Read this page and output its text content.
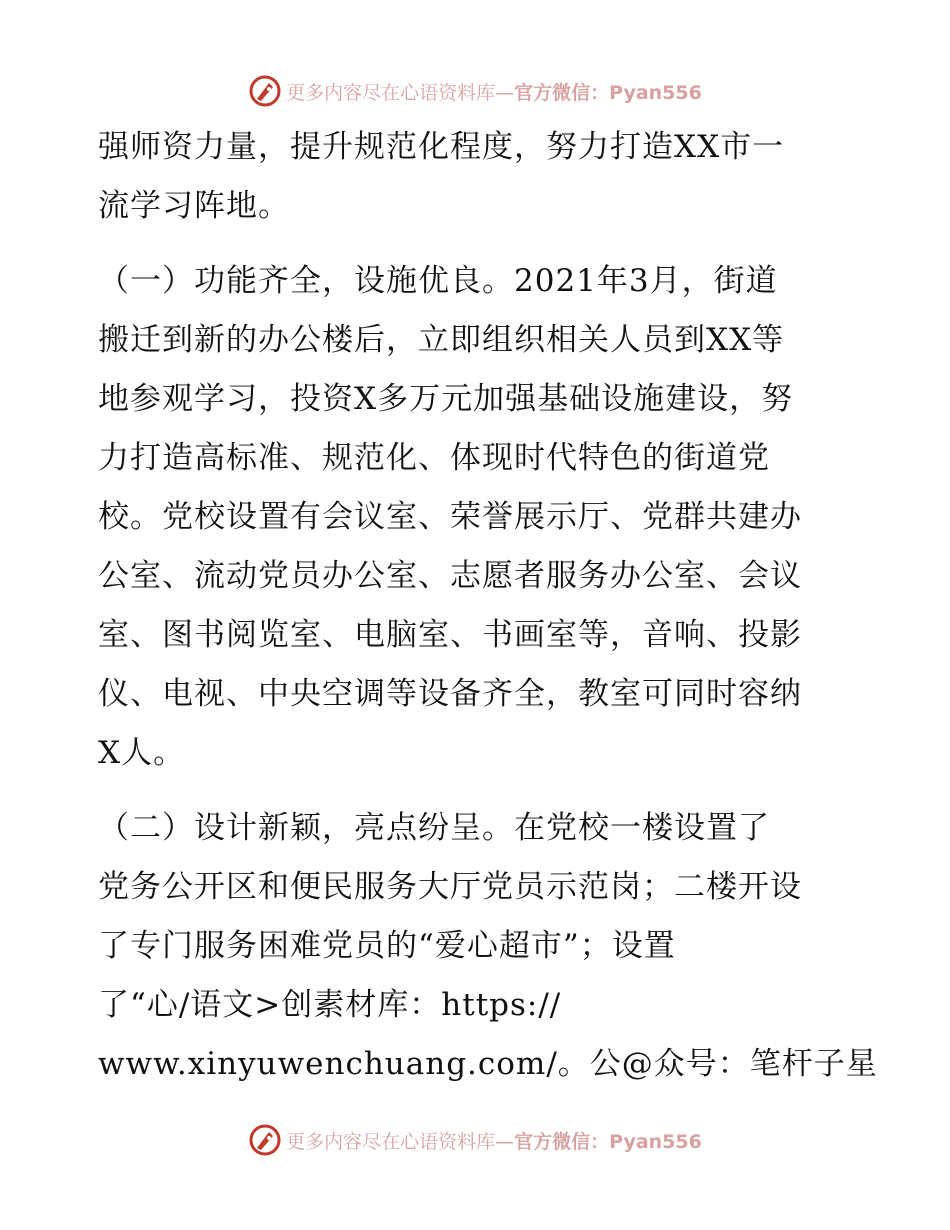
更多内容尽在心语资料库—官方微信：Pyan556
强师资力量，提升规范化程度，努力打造XX市一
流学习阵地。
（一）功能齐全，设施优良。2021年3月，街道
搬迁到新的办公楼后，立即组织相关人员到XX等
地参观学习，投资X多万元加强基础设施建设，努
力打造高标准、规范化、体现时代特色的街道党
校。党校设置有会议室、荣誉展示厅、党群共建办
公室、流动党员办公室、志愿者服务办公室、会议
室、图书阅览室、电脑室、书画室等，音响、投影
仪、电视、中央空调等设备齐全，教室可同时容纳
X人。
（二）设计新颖，亮点纷呈。在党校一楼设置了
党务公开区和便民服务大厅党员示范岗；二楼开设
了专门服务困难党员的“爱心超市”；设置
了“心/语文>创素材库：https://
www.xinyuwenchuang.com/。公@众号：笔杆子星
更多内容尽在心语资料库—官方微信：Pyan556
